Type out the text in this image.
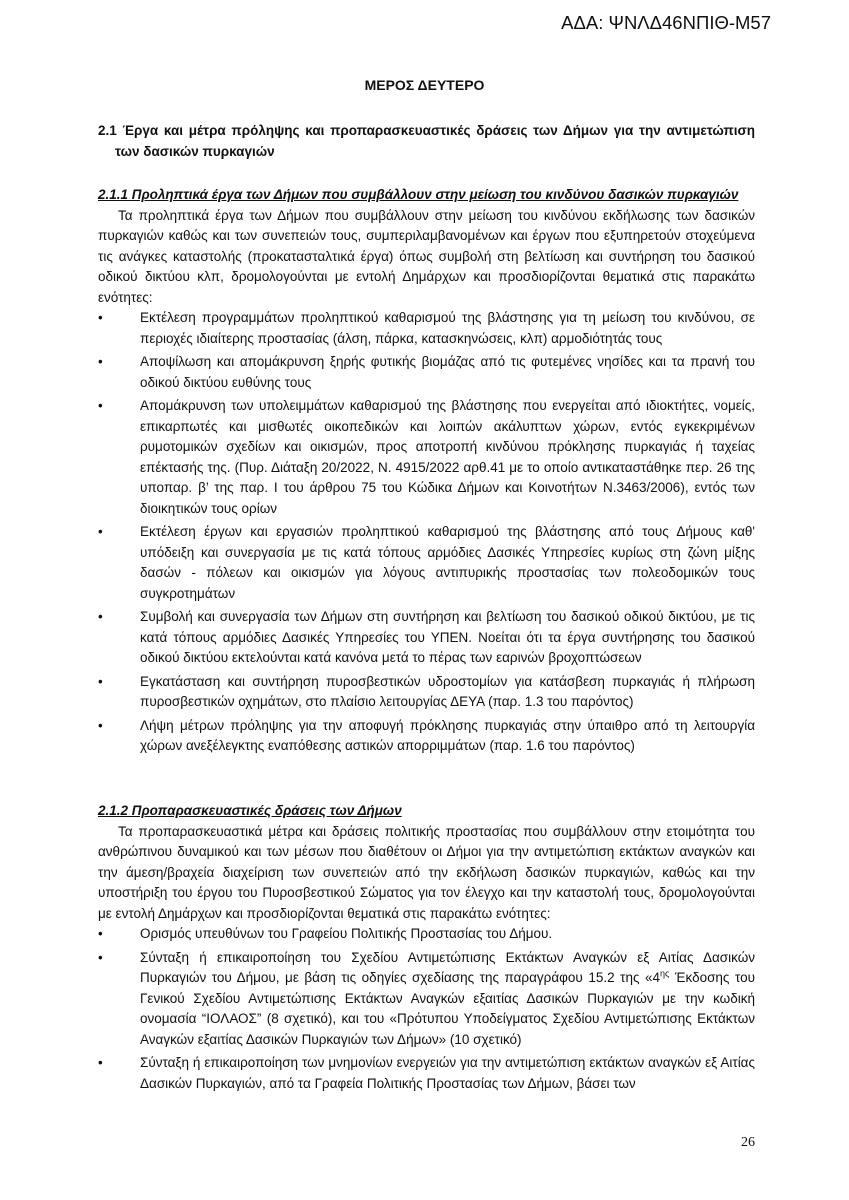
ΑΔΑ: ΨΝΛΔ46ΝΠΙΘ-Μ57
ΜΕΡΟΣ ΔΕΥΤΕΡΟ
2.1 Έργα και μέτρα πρόληψης και προπαρασκευαστικές δράσεις των Δήμων για την αντιμετώπιση των δασικών πυρκαγιών
2.1.1 Προληπτικά έργα των Δήμων που συμβάλλουν στην μείωση του κινδύνου δασικών πυρκαγιών

Τα προληπτικά έργα των Δήμων που συμβάλλουν στην μείωση του κινδύνου εκδήλωσης των δασικών πυρκαγιών καθώς και των συνεπειών τους, συμπεριλαμβανομένων και έργων που εξυπηρετούν στοχεύμενα τις ανάγκες καταστολής (προκατασταλτικά έργα) όπως συμβολή στη βελτίωση και συντήρηση του δασικού οδικού δικτύου κλπ, δρομολογούνται με εντολή Δημάρχων και προσδιορίζονται θεματικά στις παρακάτω ενότητες:

•	Εκτέλεση προγραμμάτων προληπτικού καθαρισμού της βλάστησης για τη μείωση του κινδύνου, σε περιοχές ιδιαίτερης προστασίας (άλση, πάρκα, κατασκηνώσεις, κλπ) αρμοδιότητάς τους
•	Αποψίλωση και απομάκρυνση ξηρής φυτικής βιομάζας από τις φυτεμένες νησίδες και τα πρανή του οδικού δικτύου ευθύνης τους
•	Απομάκρυνση των υπολειμμάτων καθαρισμού της βλάστησης που ενεργείται από ιδιοκτήτες, νομείς, επικαρπωτές και μισθωτές οικοπεδικών και λοιπών ακάλυπτων χώρων, εντός εγκεκριμένων ρυμοτομικών σχεδίων και οικισμών, προς αποτροπή κινδύνου πρόκλησης πυρκαγιάς ή ταχείας επέκτασής της. (Πυρ. Διάταξη 20/2022, Ν. 4915/2022 αρθ.41 με το οποίο αντικαταστάθηκε περ. 26 της υποπαρ. β’ της παρ. Ι του άρθρου 75 του Κώδικα Δήμων και Κοινοτήτων Ν.3463/2006), εντός των διοικητικών τους ορίων
•	Εκτέλεση έργων και εργασιών προληπτικού καθαρισμού της βλάστησης από τους Δήμους καθ' υπόδειξη και συνεργασία με τις κατά τόπους αρμόδιες Δασικές Υπηρεσίες κυρίως στη ζώνη μίξης δασών - πόλεων και οικισμών για λόγους αντιπυρικής προστασίας των πολεοδομικών τους συγκροτημάτων
•	Συμβολή και συνεργασία των Δήμων στη συντήρηση και βελτίωση του δασικού οδικού δικτύου, με τις κατά τόπους αρμόδιες Δασικές Υπηρεσίες του ΥΠΕΝ. Νοείται ότι τα έργα συντήρησης του δασικού οδικού δικτύου εκτελούνται κατά κανόνα μετά το πέρας των εαρινών βροχοπτώσεων
•	Εγκατάσταση και συντήρηση πυροσβεστικών υδροστομίων για κατάσβεση πυρκαγιάς ή πλήρωση πυροσβεστικών οχημάτων, στο πλαίσιο λειτουργίας ΔΕΥΑ (παρ. 1.3 του παρόντος)
•	Λήψη μέτρων πρόληψης για την αποφυγή πρόκλησης πυρκαγιάς στην ύπαιθρο από τη λειτουργία χώρων ανεξέλεγκτης εναπόθεσης αστικών απορριμμάτων (παρ. 1.6 του παρόντος)
2.1.2 Προπαρασκευαστικές δράσεις των Δήμων

Τα προπαρασκευαστικά μέτρα και δράσεις πολιτικής προστασίας που συμβάλλουν στην ετοιμότητα του ανθρώπινου δυναμικού και των μέσων που διαθέτουν οι Δήμοι για την αντιμετώπιση εκτάκτων αναγκών και την άμεση/βραχεία διαχείριση των συνεπειών από την εκδήλωση δασικών πυρκαγιών, καθώς και την υποστήριξη του έργου του Πυροσβεστικού Σώματος για τον έλεγχο και την καταστολή τους, δρομολογούνται με εντολή Δημάρχων και προσδιορίζονται θεματικά στις παρακάτω ενότητες:

•	Ορισμός υπευθύνων του Γραφείου Πολιτικής Προστασίας του Δήμου.
•	Σύνταξη ή επικαιροποίηση του Σχεδίου Αντιμετώπισης Εκτάκτων Αναγκών εξ Αιτίας Δασικών Πυρκαγιών του Δήμου, με βάση τις οδηγίες σχεδίασης της παραγράφου 15.2 της «$4^{\eta\varsigma}$ Έκδοσης του Γενικού Σχεδίου Αντιμετώπισης Εκτάκτων Αναγκών εξαιτίας Δασικών Πυρκαγιών με την κωδική ονομασία “ΙΟΛΑΟΣ” (8 σχετικό), και του «Πρότυπου Υποδείγματος Σχεδίου Αντιμετώπισης Εκτάκτων Αναγκών εξαιτίας Δασικών Πυρκαγιών των Δήμων» (10 σχετικό)
•	Σύνταξη ή επικαιροποίηση των μνημονίων ενεργειών για την αντιμετώπιση εκτάκτων αναγκών εξ Αιτίας Δασικών Πυρκαγιών, από τα Γραφεία Πολιτικής Προστασίας των Δήμων, βάσει των
26
